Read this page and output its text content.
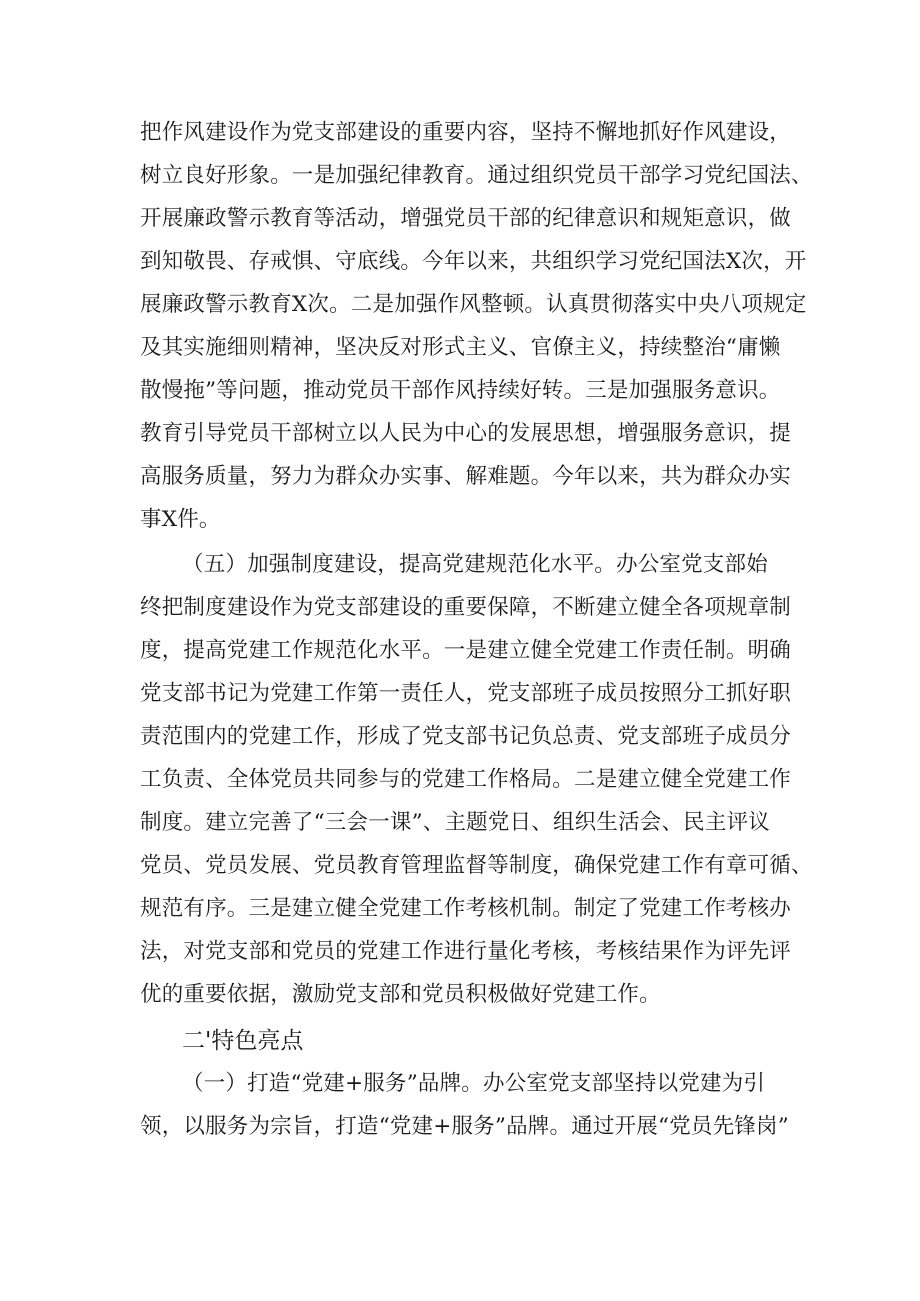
把作风建设作为党支部建设的重要内容，坚持不懈地抓好作风建设，
树立良好形象。一是加强纪律教育。通过组织党员干部学习党纪国法、
开展廉政警示教育等活动，增强党员干部的纪律意识和规矩意识，做
到知敬畏、存戒惧、守底线。今年以来，共组织学习党纪国法X次，开
展廉政警示教育X次。二是加强作风整顿。认真贯彻落实中央八项规定
及其实施细则精神，坚决反对形式主义、官僚主义，持续整治“庸懒
散慢拖”等问题，推动党员干部作风持续好转。三是加强服务意识。
教育引导党员干部树立以人民为中心的发展思想，增强服务意识，提
高服务质量，努力为群众办实事、解难题。今年以来，共为群众办实
事X件。
（五）加强制度建设，提高党建规范化水平。办公室党支部始
终把制度建设作为党支部建设的重要保障，不断建立健全各项规章制
度，提高党建工作规范化水平。一是建立健全党建工作责任制。明确
党支部书记为党建工作第一责任人，党支部班子成员按照分工抓好职
责范围内的党建工作，形成了党支部书记负总责、党支部班子成员分
工负责、全体党员共同参与的党建工作格局。二是建立健全党建工作
制度。建立完善了“三会一课”、主题党日、组织生活会、民主评议
党员、党员发展、党员教育管理监督等制度，确保党建工作有章可循、
规范有序。三是建立健全党建工作考核机制。制定了党建工作考核办
法，对党支部和党员的党建工作进行量化考核，考核结果作为评先评
优的重要依据，激励党支部和党员积极做好党建工作。
二'特色亮点
（一）打造“党建+服务”品牌。办公室党支部坚持以党建为引
领，以服务为宗旨，打造“党建+服务”品牌。通过开展“党员先锋岗”
